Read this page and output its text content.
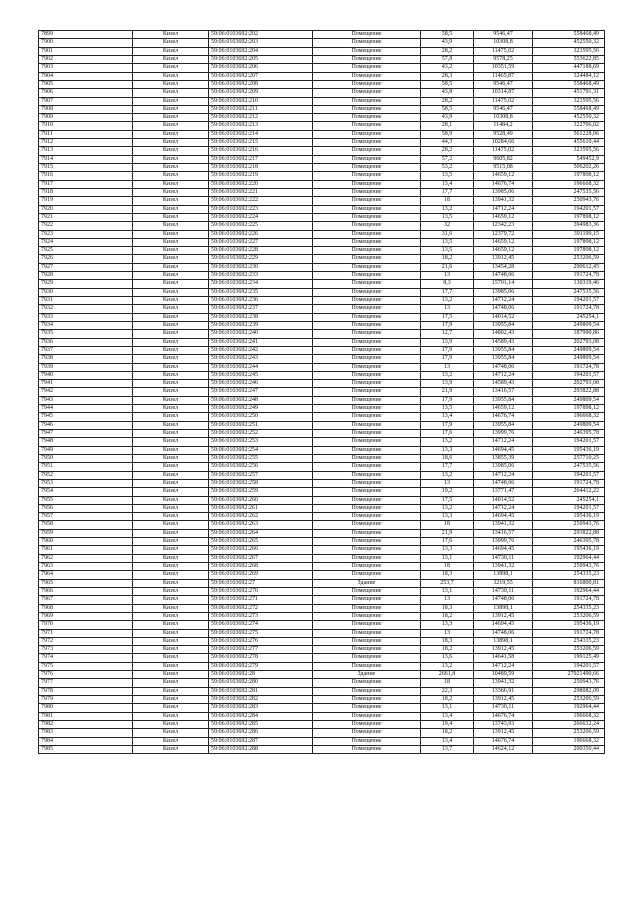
7899	Кизел	59:06:0103692:202	Помещение	58,5	9546,47	558468,49
7900	Кизел	59:06:0103692:203	Помещение	43,9	10308,8	452550,32
7901	Кизел	59:06:0103692:204	Помещение	28,2	11475,02	323595,56
7902	Кизел	59:06:0103692:205	Помещение	57,8	9578,25	553622,85
7903	Кизел	59:06:0103692:206	Помещение	43,2	10351,59	447188,69
7904	Кизел	59:06:0103692:207	Помещение	28,3	11465,87	324484,12
7905	Кизел	59:06:0103692:208	Помещение	58,5	9546,47	558468,49
7906	Кизел	59:06:0103692:209	Помещение	43,8	10314,87	451791,31
7907	Кизел	59:06:0103692:210	Помещение	28,2	11475,02	323595,56
7908	Кизел	59:06:0103692:211	Помещение	58,5	9546,47	558468,49
7909	Кизел	59:06:0103692:212	Помещение	43,9	10308,8	452550,32
7910	Кизел	59:06:0103692:213	Помещение	28,1	11484,2	322706,02
7911	Кизел	59:06:0103692:214	Помещение	58,9	9528,49	561228,06
7912	Кизел	59:06:0103692:215	Помещение	44,3	10284,66	455610,44
7913	Кизел	59:06:0103692:216	Помещение	28,2	11475,02	323595,56
7914	Кизел	59:06:0103692:217	Помещение	57,2	9605,82	549452,9
7915	Кизел	59:06:0103692:218	Помещение	53,2	9515,08	506202,26
7916	Кизел	59:06:0103692:219	Помещение	13,5	14659,12	197898,12
7917	Кизел	59:06:0103692:220	Помещение	13,4	14676,74	196668,32
7918	Кизел	59:06:0103692:221	Помещение	17,7	13985,06	247535,56
7919	Кизел	59:06:0103692:222	Помещение	18	13941,32	250943,76
7920	Кизел	59:06:0103692:223	Помещение	13,2	14712,24	194201,57
7921	Кизел	59:06:0103692:224	Помещение	13,5	14659,12	197898,12
7922	Кизел	59:06:0103692:225	Помещение	32	12342,23	394983,36
7923	Кизел	59:06:0103692:226	Помещение	31,6	12379,72	391199,15
7924	Кизел	59:06:0103692:227	Помещение	13,5	14659,12	197898,12
7925	Кизел	59:06:0103692:228	Помещение	13,5	14659,12	197898,12
7926	Кизел	59:06:0103692:229	Помещение	18,2	13912,45	253206,59
7927	Кизел	59:06:0103692:230	Помещение	21,6	13454,28	290612,45
7928	Кизел	59:06:0103692:233	Помещение	13	14748,06	191724,78
7929	Кизел	59:06:0103692:234	Помещение	8,3	15701,14	130319,46
7930	Кизел	59:06:0103692:235	Помещение	17,7	13985,06	247535,56
7931	Кизел	59:06:0103692:236	Помещение	13,2	14712,24	194201,57
7932	Кизел	59:06:0103692:237	Помещение	13	14748,06	191724,78
7933	Кизел	59:06:0103692:238	Помещение	17,5	14014,52	245254,1
7934	Кизел	59:06:0103692:239	Помещение	17,9	13955,84	249809,54
7935	Кизел	59:06:0103692:240	Помещение	12,7	14802,43	187990,86
7936	Кизел	59:06:0103692:241	Помещение	13,9	14589,43	202793,08
7937	Кизел	59:06:0103692:242	Помещение	17,9	13955,84	249809,54
7938	Кизел	59:06:0103692:243	Помещение	17,9	13955,84	249809,54
7939	Кизел	59:06:0103692:244	Помещение	13	14748,06	191724,78
7940	Кизел	59:06:0103692:245	Помещение	13,2	14712,24	194201,57
7941	Кизел	59:06:0103692:246	Помещение	13,9	14589,43	202793,08
7942	Кизел	59:06:0103692:247	Помещение	21,9	13416,57	293822,88
7943	Кизел	59:06:0103692:248	Помещение	17,9	13955,84	249809,54
7944	Кизел	59:06:0103692:249	Помещение	13,5	14659,12	197898,12
7945	Кизел	59:06:0103692:250	Помещение	13,4	14676,74	196668,32
7946	Кизел	59:06:0103692:251	Помещение	17,9	13955,84	249809,54
7947	Кизел	59:06:0103692:252	Помещение	17,6	13999,76	246395,78
7948	Кизел	59:06:0103692:253	Помещение	13,2	14712,24	194201,57
7949	Кизел	59:06:0103692:254	Помещение	13,3	14694,45	195436,19
7950	Кизел	59:06:0103692:255	Помещение	18,6	13855,39	257710,25
7951	Кизел	59:06:0103692:256	Помещение	17,7	13985,06	247535,56
7952	Кизел	59:06:0103692:257	Помещение	13,2	14712,24	194201,57
7953	Кизел	59:06:0103692:258	Помещение	13	14748,06	191724,78
7954	Кизел	59:06:0103692:259	Помещение	19,2	13771,47	264412,22
7955	Кизел	59:06:0103692:260	Помещение	17,5	14014,52	245254,1
7956	Кизел	59:06:0103692:261	Помещение	13,2	14712,24	194201,57
7957	Кизел	59:06:0103692:262	Помещение	13,3	14694,45	195436,19
7958	Кизел	59:06:0103692:263	Помещение	18	13941,32	250943,76
7959	Кизел	59:06:0103692:264	Помещение	21,9	13416,57	293822,88
7960	Кизел	59:06:0103692:265	Помещение	17,6	13999,76	246395,78
7961	Кизел	59:06:0103692:266	Помещение	13,3	14694,45	195436,19
7962	Кизел	59:06:0103692:267	Помещение	13,1	14730,11	192964,44
7963	Кизел	59:06:0103692:268	Помещение	18	13941,32	250943,76
7964	Кизел	59:06:0103692:269	Помещение	18,3	13898,1	254335,23
7965	Кизел	59:06:0103692:27	Здание	253,7	3219,55	816800,81
7966	Кизел	59:06:0103692:270	Помещение	13,1	14730,11	192964,44
7967	Кизел	59:06:0103692:271	Помещение	13	14748,06	191724,78
7968	Кизел	59:06:0103692:272	Помещение	18,3	13898,1	254335,23
7969	Кизел	59:06:0103692:273	Помещение	18,2	13912,45	253206,59
7970	Кизел	59:06:0103692:274	Помещение	13,3	14694,45	195436,19
7971	Кизел	59:06:0103692:275	Помещение	13	14748,06	191724,78
7972	Кизел	59:06:0103692:276	Помещение	18,3	13898,1	254335,23
7973	Кизел	59:06:0103692:277	Помещение	18,2	13912,45	253206,59
7974	Кизел	59:06:0103692:278	Помещение	13,6	14641,58	199125,49
7975	Кизел	59:06:0103692:279	Помещение	13,2	14712,24	194201,57
7976	Кизел	59:06:0103692:28	Здание	2661,8	10489,59	27921490,66
7977	Кизел	59:06:0103692:280	Помещение	18	13941,32	250943,76
7978	Кизел	59:06:0103692:281	Помещение	22,3	13366,91	298082,09
7979	Кизел	59:06:0103692:282	Помещение	18,2	13912,45	253206,59
7980	Кизел	59:06:0103692:283	Помещение	13,1	14730,11	192964,44
7981	Кизел	59:06:0103692:284	Помещение	13,4	14676,74	196668,32
7982	Кизел	59:06:0103692:285	Помещение	19,4	13743,93	266632,24
7983	Кизел	59:06:0103692:286	Помещение	18,2	13912,45	253206,59
7984	Кизел	59:06:0103692:287	Помещение	13,4	14676,74	196668,32
7985	Кизел	59:06:0103692:288	Помещение	13,7	14624,12	200350,44
